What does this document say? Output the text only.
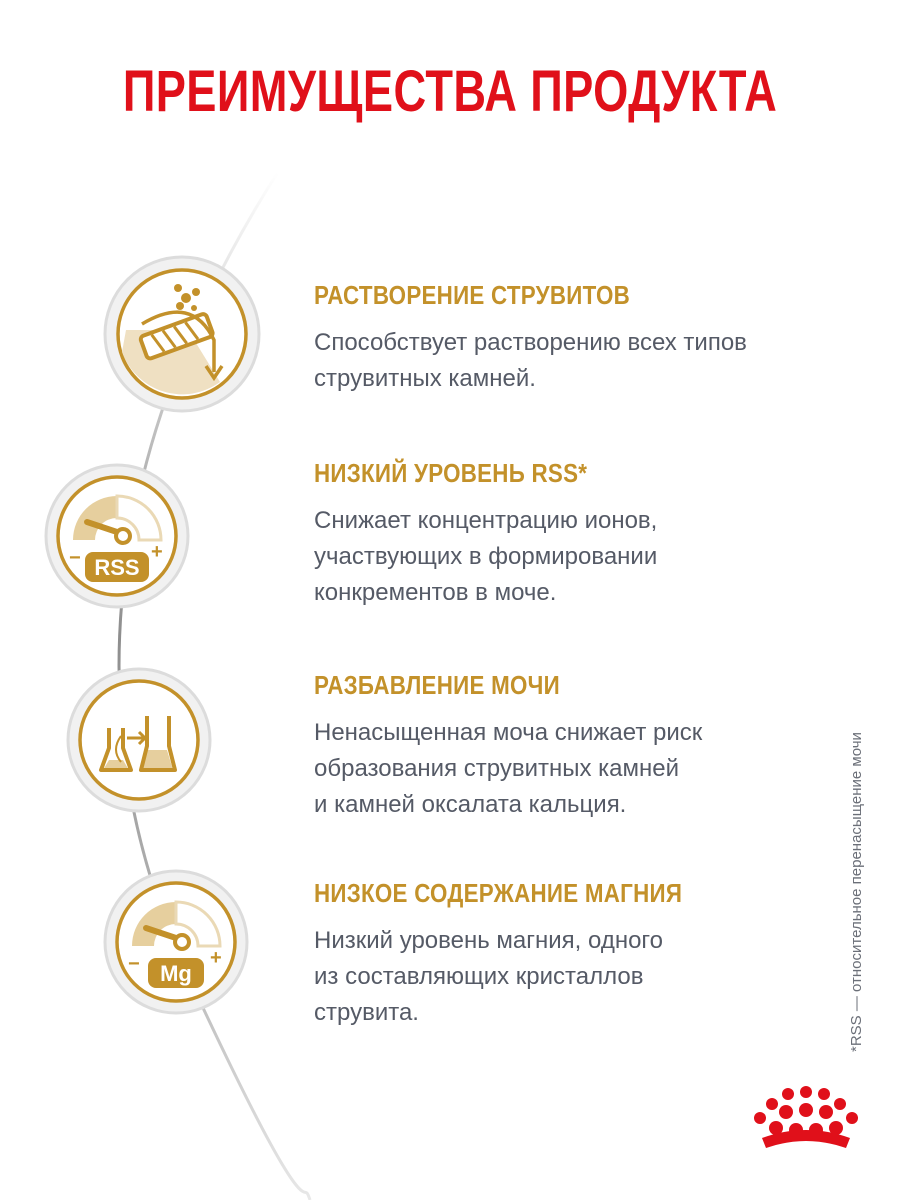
ПРЕИМУЩЕСТВА ПРОДУКТА
−	+
RSS
−	+
Mg
РАСТВОРЕНИЕ СТРУВИТОВ

Способствует растворению всех типов
струвитных камней.

НИЗКИЙ УРОВЕНЬ RSS*

Снижает концентрацию ионов,
участвующих в формировании
конкрементов в моче.

РАЗБАВЛЕНИЕ МОЧИ

Ненасыщенная моча снижает риск
образования струвитных камней
и камней оксалата кальция.

НИЗКОЕ СОДЕРЖАНИЕ МАГНИЯ

Низкий уровень магния, одного
из составляющих кристаллов
струвита.	*RSS — относительное перенасыщение мочи
